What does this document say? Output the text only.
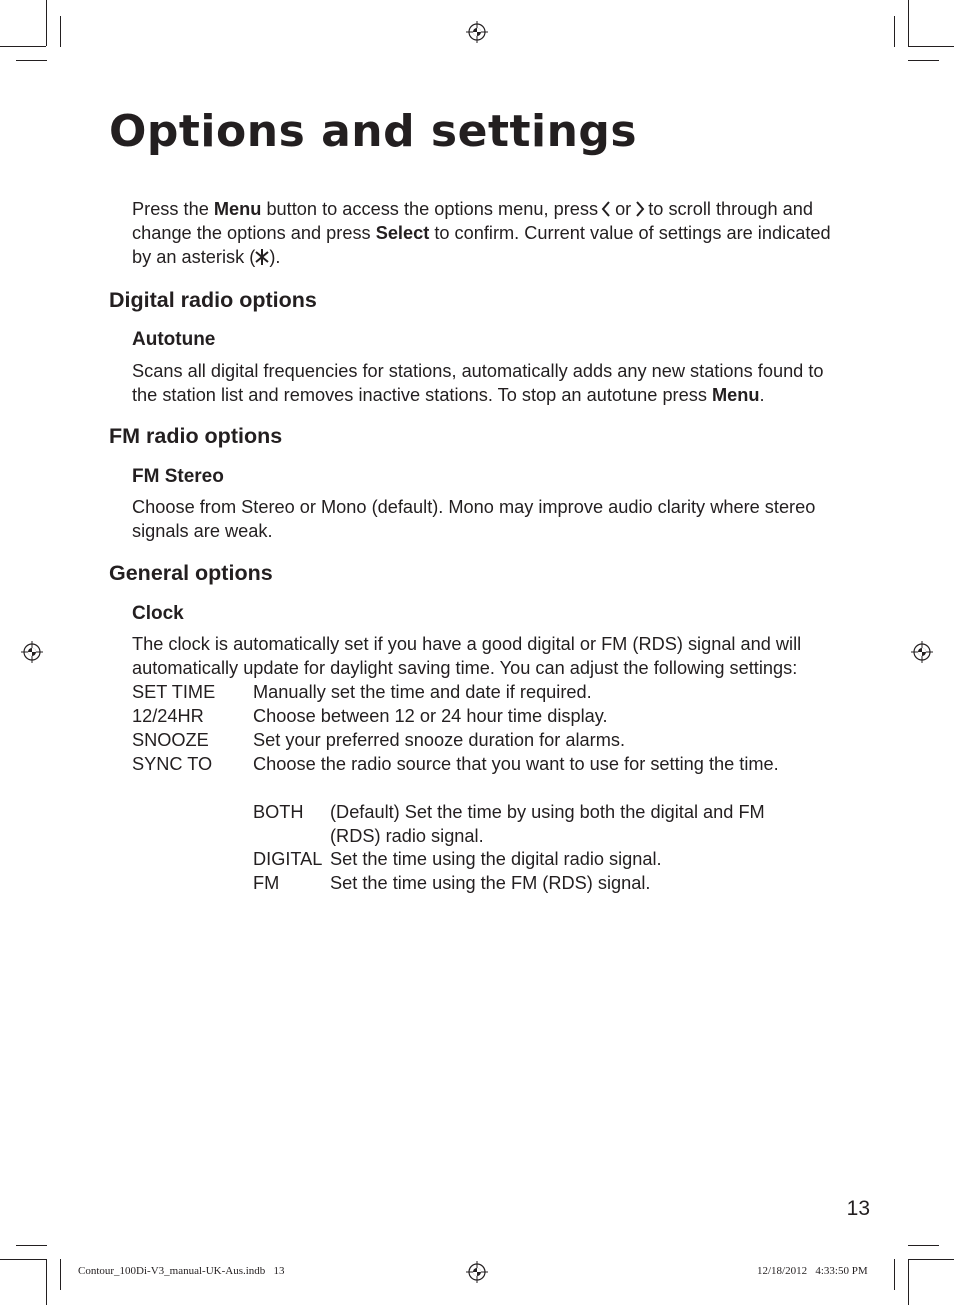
Options and settings

Press the Menu button to access the options menu, press or to scroll through and change the options and press Select to confirm. Current value of settings are indicated by an asterisk ( ).

Digital radio options
Autotune

Scans all digital frequencies for stations, automatically adds any new stations found to the station list and removes inactive stations. To stop an autotune press Menu.

FM radio options
FM Stereo

Choose from Stereo or Mono (default). Mono may improve audio clarity where stereo signals are weak.

General options
Clock

The clock is automatically set if you have a good digital or FM (RDS) signal and will automatically update for daylight saving time. You can adjust the following settings:

SET TIME Manually set the time and date if required.
12/24HR	Choose between 12 or 24 hour time display.
SNOOZE Set your preferred snooze duration for alarms.
SYNC TO Choose the radio source that you want to use for setting the time.
BOTH (Default) Set the time by using both the digital and FM (RDS) radio signal.
DIGITAL Set the time using the digital radio signal.
FM	Set the time using the FM (RDS) signal.
13
Contour_100Di-V3_manual-UK-Aus.indb   13	12/18/2012   4:33:50 PM
